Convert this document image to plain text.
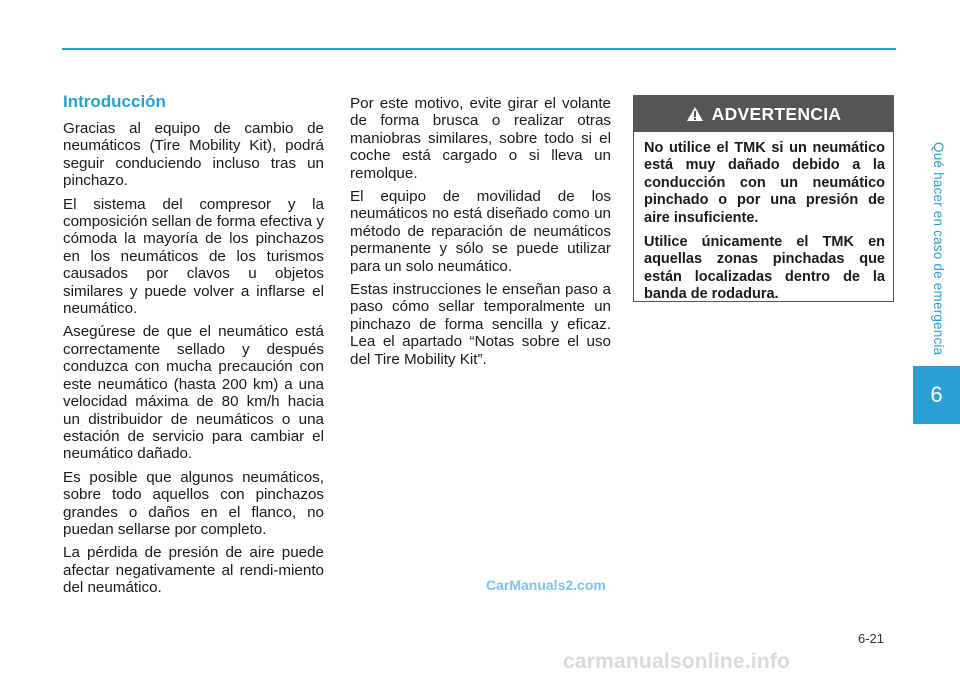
Qué hacer en caso de emergencia
6
Introducción

Gracias al equipo de cambio de neumáticos (Tire Mobility Kit), podrá seguir conduciendo incluso tras un pinchazo.

El sistema del compresor y la composición sellan de forma efectiva y cómoda la mayoría de los pinchazos en los neumáticos de los turismos causados por clavos u objetos similares y puede volver a inflarse el neumático.

Asegúrese de que el neumático está correctamente sellado y después conduzca con mucha precaución con este neumático (hasta 200 km) a una velocidad máxima de 80 km/h hacia un distribuidor de neumáticos o una estación de servicio para cambiar el neumático dañado.

Es posible que algunos neumáticos, sobre todo aquellos con pinchazos grandes o daños en el flanco, no puedan sellarse por completo.

La pérdida de presión de aire puede afectar negativamente al rendi-miento del neumático.

Por este motivo, evite girar el volante de forma brusca o realizar otras maniobras similares, sobre todo si el coche está cargado o si lleva un remolque.

El equipo de movilidad de los neumáticos no está diseñado como un método de reparación de neumáticos permanente y sólo se puede utilizar para un solo neumático.

Estas instrucciones le enseñan paso a paso cómo sellar temporalmente un pinchazo de forma sencilla y eficaz. Lea el apartado “Notas sobre el uso del Tire Mobility Kit”.

ADVERTENCIA

No utilice el TMK si un neumático está muy dañado debido a la conducción con un neumático pinchado o por una presión de aire insuficiente.

Utilice únicamente el TMK en aquellas zonas pinchadas que están localizadas dentro de la banda de rodadura.

CarManuals2.com
6-21
carmanualsonline.info
